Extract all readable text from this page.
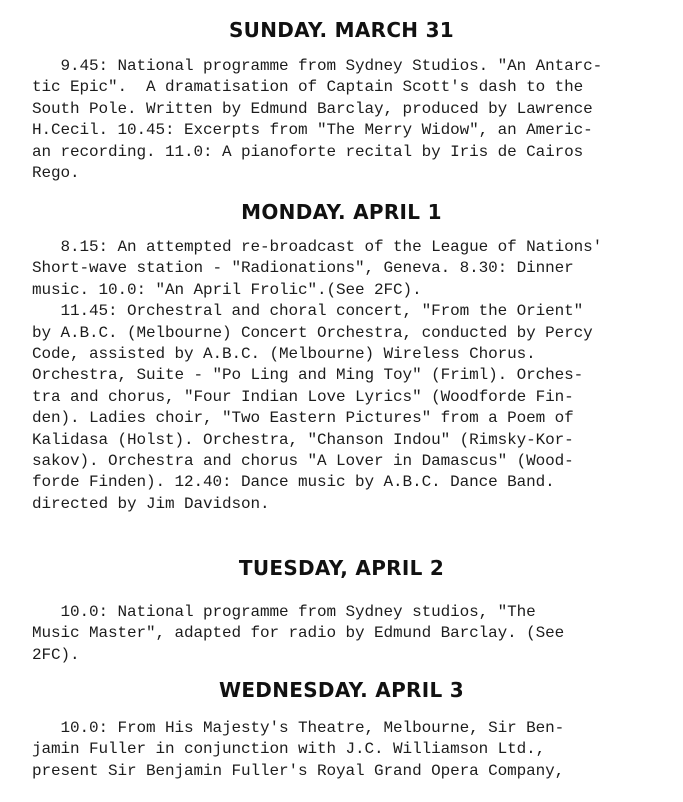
SUNDAY. MARCH 31
9.45: National programme from Sydney Studios. "An Antarc-
tic Epic".  A dramatisation of Captain Scott's dash to the
South Pole. Written by Edmund Barclay, produced by Lawrence
H.Cecil. 10.45: Excerpts from "The Merry Widow", an Americ-
an recording. 11.0: A pianoforte recital by Iris de Cairos
Rego.
MONDAY. APRIL 1
8.15: An attempted re-broadcast of the League of Nations'
Short-wave station - "Radionations", Geneva. 8.30: Dinner
music. 10.0: "An April Frolic".(See 2FC).
11.45: Orchestral and choral concert, "From the Orient"
by A.B.C. (Melbourne) Concert Orchestra, conducted by Percy
Code, assisted by A.B.C. (Melbourne) Wireless Chorus.
Orchestra, Suite - "Po Ling and Ming Toy" (Friml). Orches-
tra and chorus, "Four Indian Love Lyrics" (Woodforde Fin-
den). Ladies choir, "Two Eastern Pictures" from a Poem of
Kalidasa (Holst). Orchestra, "Chanson Indou" (Rimsky-Kor-
sakov). Orchestra and chorus "A Lover in Damascus" (Wood-
forde Finden). 12.40: Dance music by A.B.C. Dance Band.
directed by Jim Davidson.
TUESDAY, APRIL 2
10.0: National programme from Sydney studios, "The
Music Master", adapted for radio by Edmund Barclay. (See
2FC).
WEDNESDAY. APRIL 3
10.0: From His Majesty's Theatre, Melbourne, Sir Ben-
jamin Fuller in conjunction with J.C. Williamson Ltd.,
present Sir Benjamin Fuller's Royal Grand Opera Company,
